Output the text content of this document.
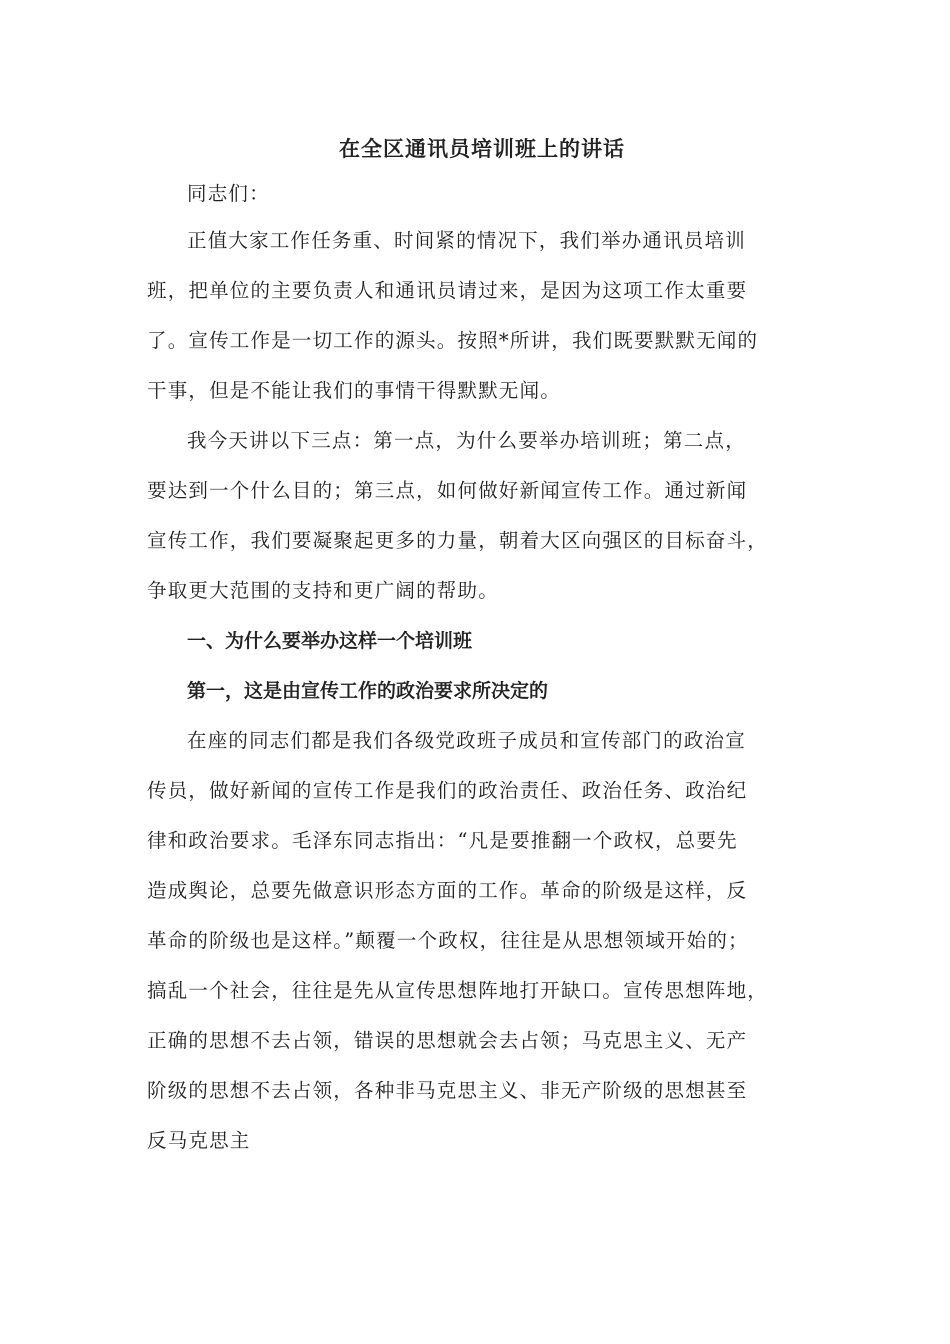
在全区通讯员培训班上的讲话
同志们：
正值大家工作任务重、时间紧的情况下，我们举办通讯员培训
班，把单位的主要负责人和通讯员请过来，是因为这项工作太重要
了。宣传工作是一切工作的源头。按照*所讲，我们既要默默无闻的
干事，但是不能让我们的事情干得默默无闻。
我今天讲以下三点：第一点，为什么要举办培训班；第二点，
要达到一个什么目的；第三点，如何做好新闻宣传工作。通过新闻
宣传工作，我们要凝聚起更多的力量，朝着大区向强区的目标奋斗，
争取更大范围的支持和更广阔的帮助。
一、为什么要举办这样一个培训班
第一，这是由宣传工作的政治要求所决定的
在座的同志们都是我们各级党政班子成员和宣传部门的政治宣
传员，做好新闻的宣传工作是我们的政治责任、政治任务、政治纪
律和政治要求。毛泽东同志指出：“凡是要推翻一个政权，总要先
造成舆论，总要先做意识形态方面的工作。革命的阶级是这样，反
革命的阶级也是这样。”颠覆一个政权，往往是从思想领域开始的；
搞乱一个社会，往往是先从宣传思想阵地打开缺口。宣传思想阵地，
正确的思想不去占领，错误的思想就会去占领；马克思主义、无产
阶级的思想不去占领，各种非马克思主义、非无产阶级的思想甚至
反马克思主
